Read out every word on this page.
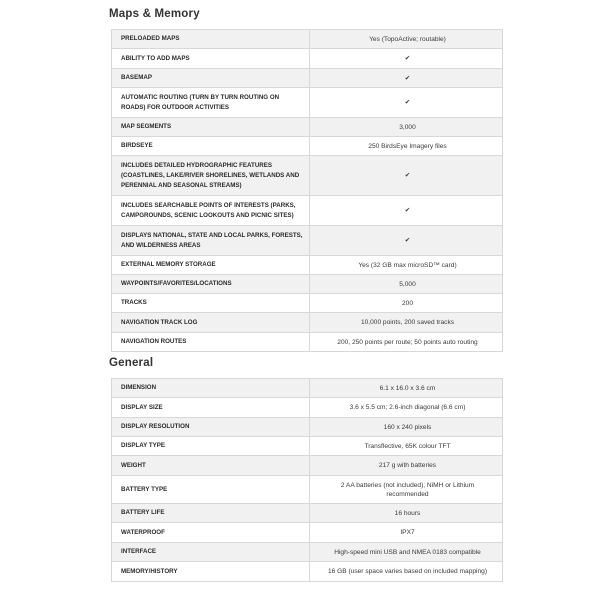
Maps & Memory
PRELOADED MAPS	Yes (TopoActive; routable)
ABILITY TO ADD MAPS	✔
BASEMAP	✔
AUTOMATIC ROUTING (TURN BY TURN ROUTING ON ROADS) FOR OUTDOOR ACTIVITIES	✔
MAP SEGMENTS	3,000
BIRDSEYE	250 BirdsEye Imagery files
INCLUDES DETAILED HYDROGRAPHIC FEATURES (COASTLINES, LAKE/RIVER SHORELINES, WETLANDS AND PERENNIAL AND SEASONAL STREAMS)	✔
INCLUDES SEARCHABLE POINTS OF INTERESTS (PARKS, CAMPGROUNDS, SCENIC LOOKOUTS AND PICNIC SITES)	✔
DISPLAYS NATIONAL, STATE AND LOCAL PARKS, FORESTS, AND WILDERNESS AREAS	✔
EXTERNAL MEMORY STORAGE	Yes (32 GB max microSD™ card)
WAYPOINTS/FAVORITES/LOCATIONS	5,000
TRACKS	200
NAVIGATION TRACK LOG	10,000 points, 200 saved tracks
NAVIGATION ROUTES	200, 250 points per route; 50 points auto routing
General
DIMENSION	6.1 x 16.0 x 3.6 cm
DISPLAY SIZE	3.6 x 5.5 cm; 2.6-inch diagonal (6.6 cm)
DISPLAY RESOLUTION	160 x 240 pixels
DISPLAY TYPE	Transflective, 65K colour TFT
WEIGHT	217 g with batteries
BATTERY TYPE	2 AA batteries (not included); NiMH or Lithium recommended
BATTERY LIFE	16 hours
WATERPROOF	IPX7
INTERFACE	High-speed mini USB and NMEA 0183 compatible
MEMORY/HISTORY	16 GB (user space varies based on included mapping)
